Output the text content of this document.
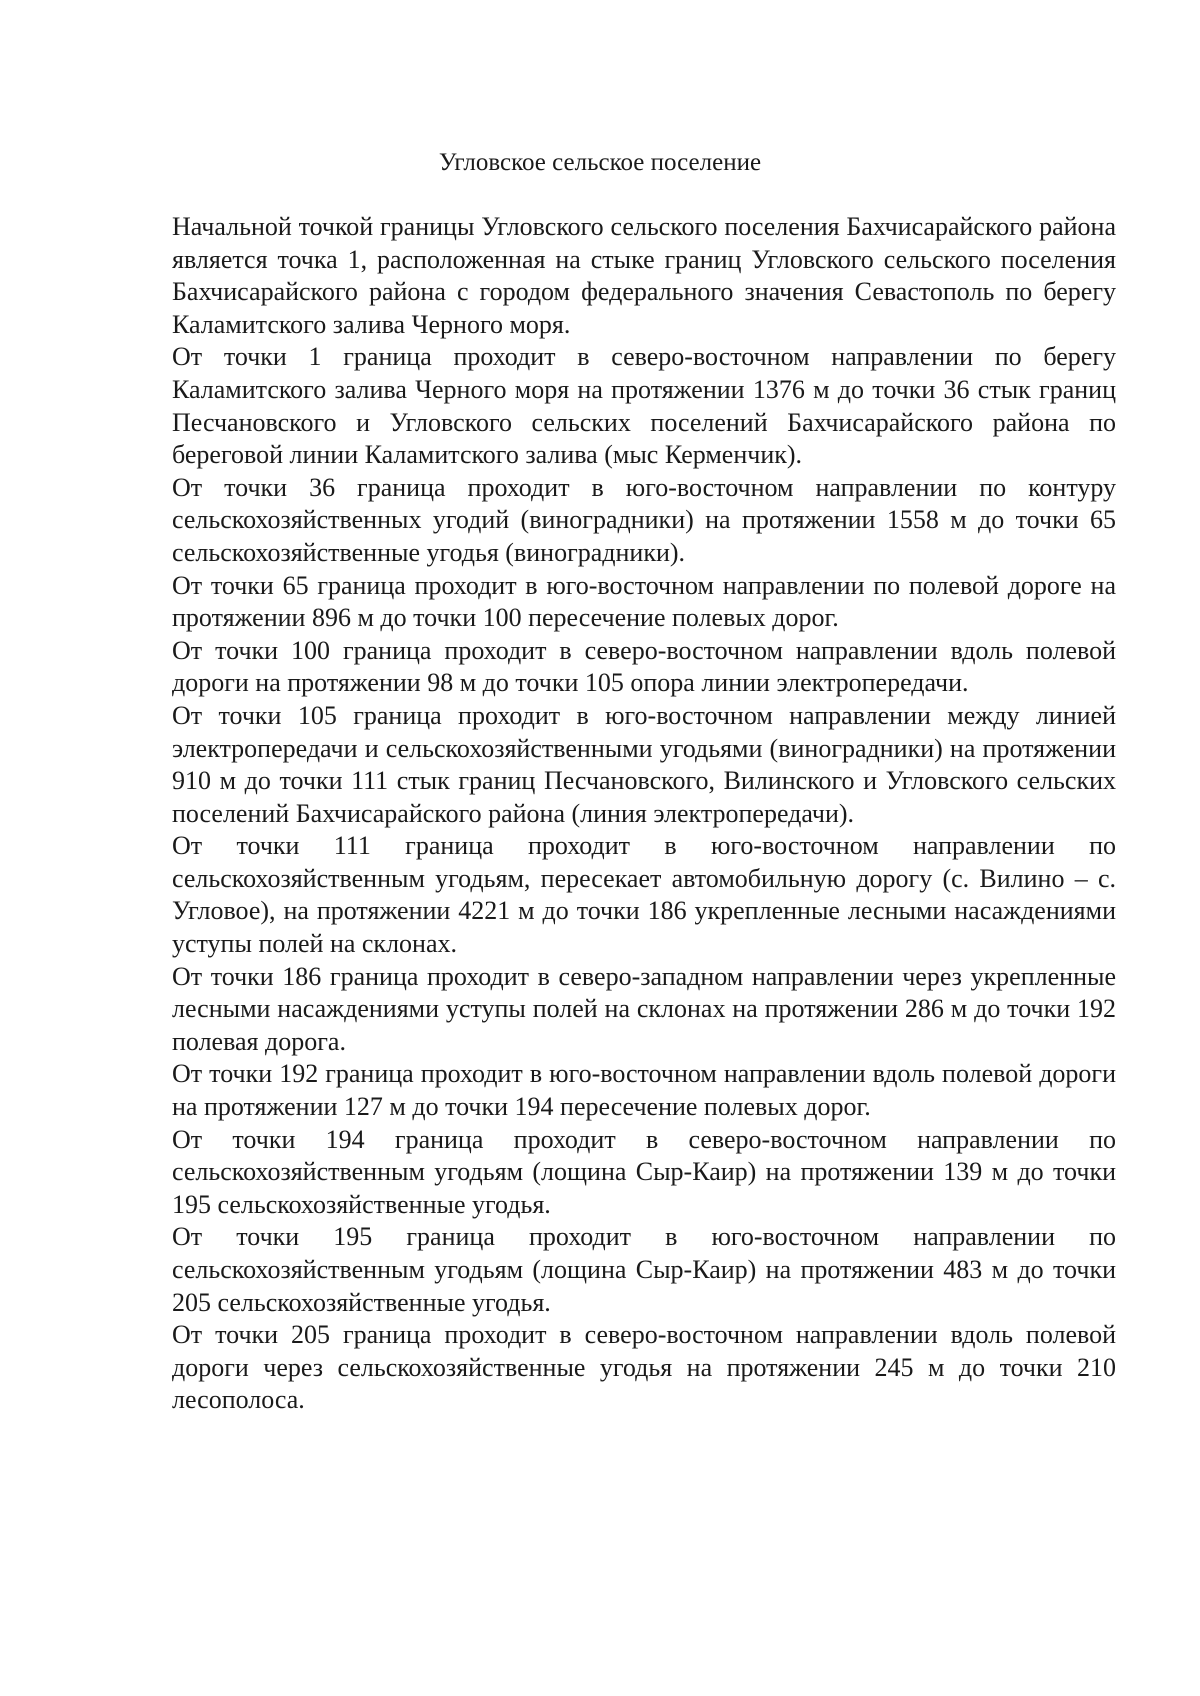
Угловское сельское поселение

Начальной точкой границы Угловского сельского поселения Бахчисарайского района является точка 1, расположенная на стыке границ Угловского сельского поселения Бахчисарайского района с городом федерального значения Севастополь по берегу Каламитского залива Черного моря.

От точки 1 граница проходит в северо-восточном направлении по берегу Каламитского залива Черного моря на протяжении 1376 м до точки 36 стык границ Песчановского и Угловского сельских поселений Бахчисарайского района по береговой линии Каламитского залива (мыс Керменчик).

От точки 36 граница проходит в юго-восточном направлении по контуру сельскохозяйственных угодий (виноградники) на протяжении 1558 м до точки 65 сельскохозяйственные угодья (виноградники).

От точки 65 граница проходит в юго-восточном направлении по полевой дороге на протяжении 896 м до точки 100 пересечение полевых дорог.

От точки 100 граница проходит в северо-восточном направлении вдоль полевой дороги на протяжении 98 м до точки 105 опора линии электропередачи.

От точки 105 граница проходит в юго-восточном направлении между линией электропередачи и сельскохозяйственными угодьями (виноградники) на протяжении 910 м до точки 111 стык границ Песчановского, Вилинского и Угловского сельских поселений Бахчисарайского района (линия электропередачи).

От точки 111 граница проходит в юго-восточном направлении по сельскохозяйственным угодьям, пересекает автомобильную дорогу (с. Вилино – с. Угловое), на протяжении 4221 м до точки 186 укрепленные лесными насаждениями уступы полей на склонах.

От точки 186 граница проходит в северо-западном направлении через укрепленные лесными насаждениями уступы полей на склонах на протяжении 286 м до точки 192 полевая дорога.

От точки 192 граница проходит в юго-восточном направлении вдоль полевой дороги на протяжении 127 м до точки 194 пересечение полевых дорог.

От точки 194 граница проходит в северо-восточном направлении по сельскохозяйственным угодьям (лощина Сыр-Каир) на протяжении 139 м до точки 195 сельскохозяйственные угодья.

От точки 195 граница проходит в юго-восточном направлении по сельскохозяйственным угодьям (лощина Сыр-Каир) на протяжении 483 м до точки 205 сельскохозяйственные угодья.

От точки 205 граница проходит в северо-восточном направлении вдоль полевой дороги через сельскохозяйственные угодья на протяжении 245 м до точки 210 лесополоса.
